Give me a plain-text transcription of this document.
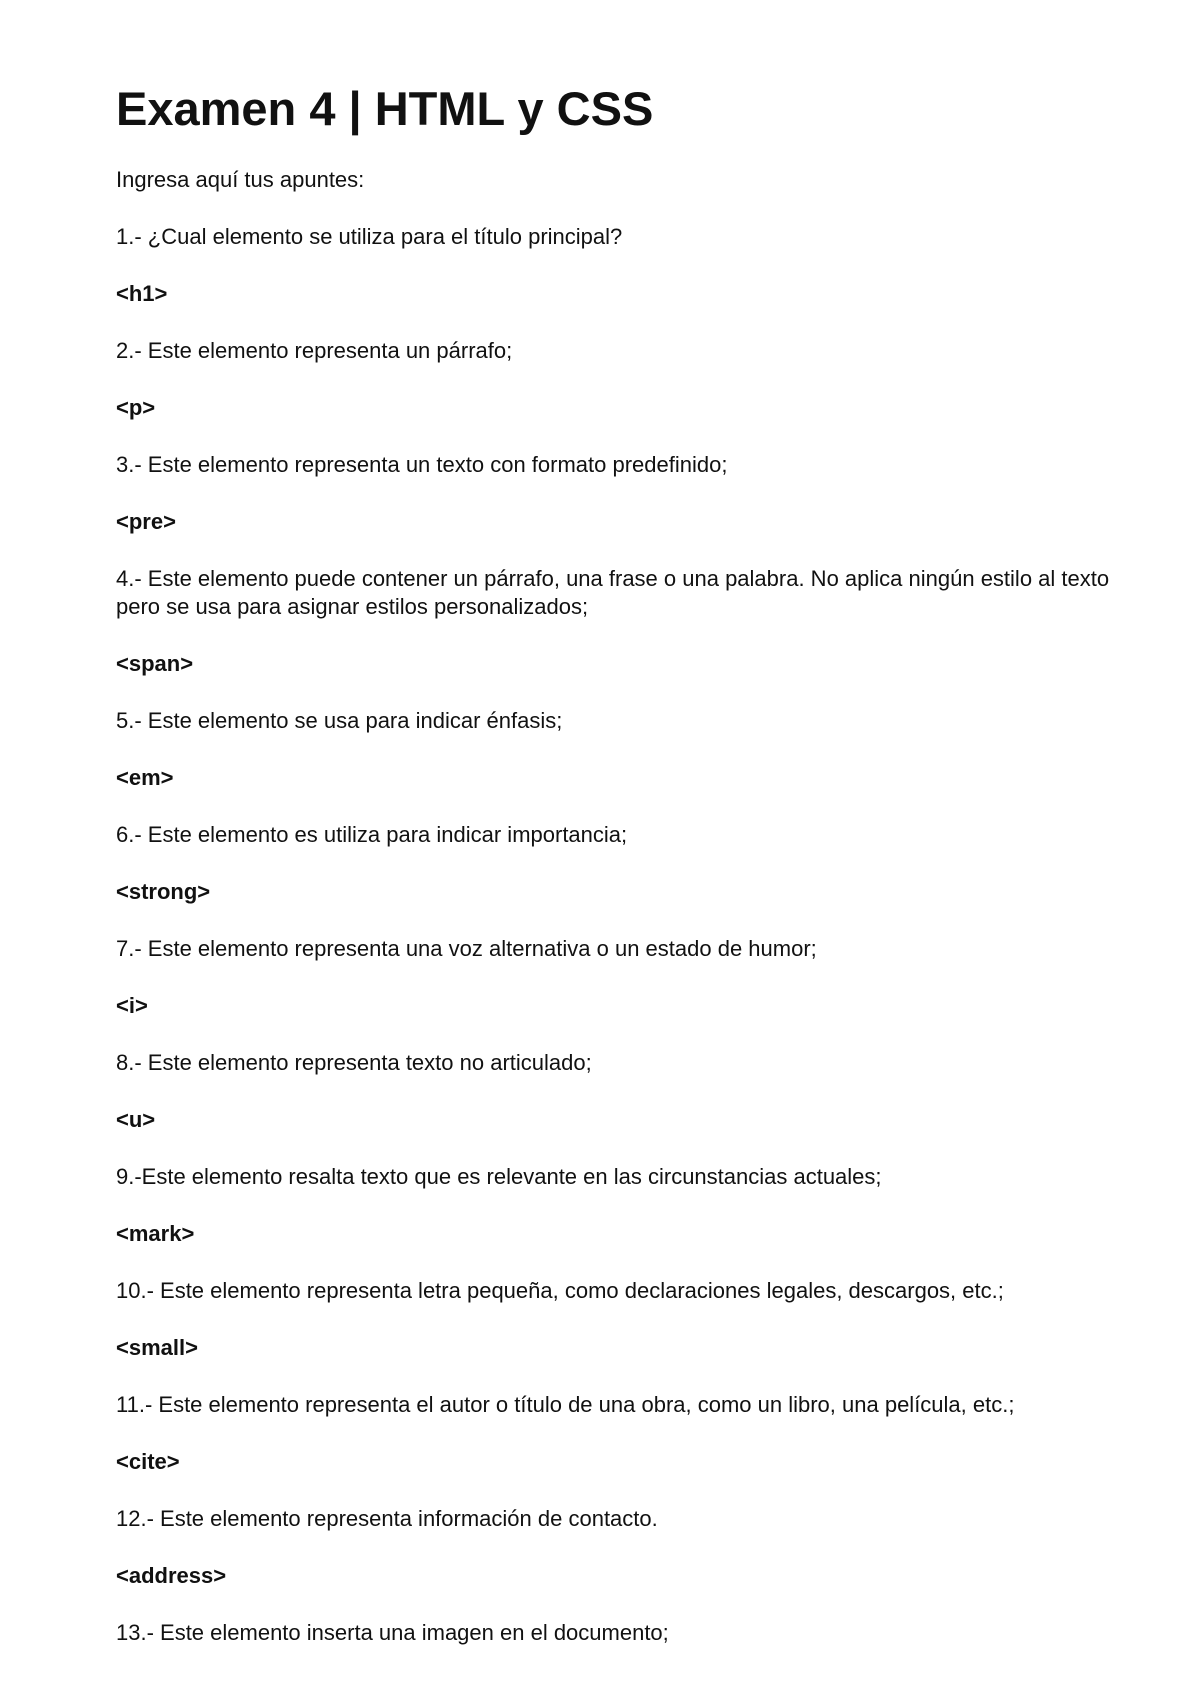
Examen 4 | HTML y CSS

Ingresa aquí tus apuntes:

1.- ¿Cual elemento se utiliza para el título principal?

<h1>

2.- Este elemento representa un párrafo;

<p>

3.- Este elemento representa un texto con formato predefinido;

<pre>

4.- Este elemento puede contener un párrafo, una frase o una palabra. No aplica ningún estilo al texto pero se usa para asignar estilos personalizados;

<span>

5.- Este elemento se usa para indicar énfasis;

<em>

6.- Este elemento es utiliza para indicar importancia;

<strong>

7.- Este elemento representa una voz alternativa o un estado de humor;

<i>

8.- Este elemento representa texto no articulado;

<u>

9.-Este elemento resalta texto que es relevante en las circunstancias actuales;

<mark>

10.- Este elemento representa letra pequeña, como declaraciones legales, descargos, etc.;

<small>

11.- Este elemento representa el autor o título de una obra, como un libro, una película, etc.;

<cite>

12.- Este elemento representa información de contacto.

<address>

13.- Este elemento inserta una imagen en el documento;
